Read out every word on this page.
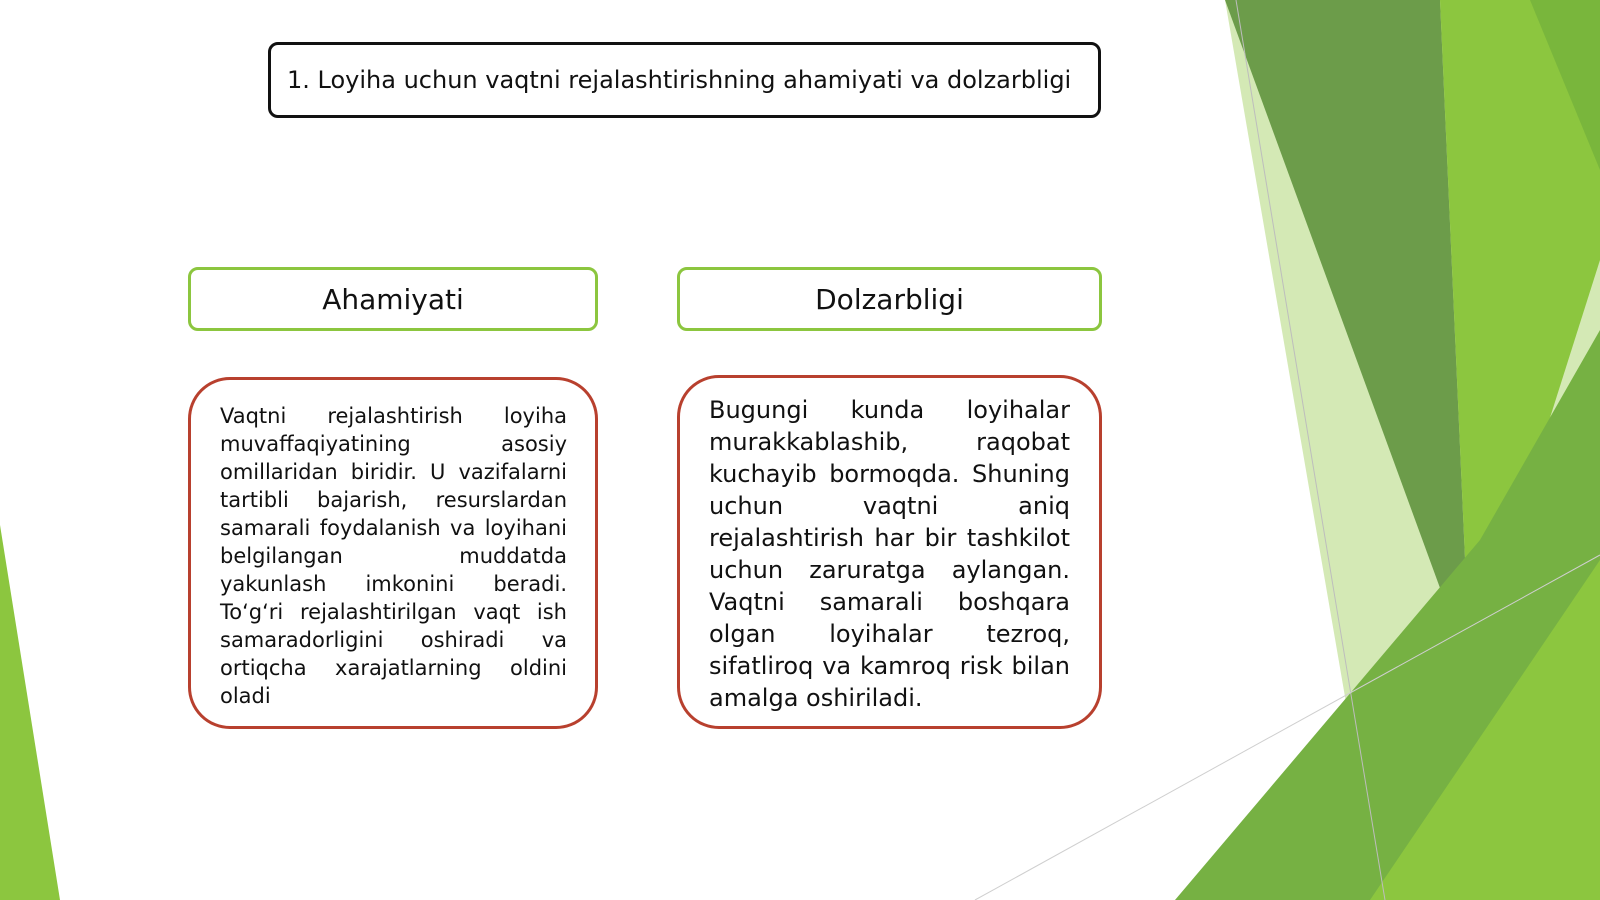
1. Loyiha uchun vaqtni rejalashtirishning ahamiyati va dolzarbligi
Ahamiyati	Dolzarbligi
Vaqtni rejalashtirish loyiha muvaffaqiyatining asosiy omillaridan biridir. U vazifalarni tartibli bajarish, resurslardan samarali foydalanish va loyihani belgilangan muddatda yakunlash imkonini beradi. To‘g‘ri rejalashtirilgan vaqt ish samaradorligini oshiradi va ortiqcha xarajatlarning oldini oladi
Bugungi kunda loyihalar murakkablashib, raqobat kuchayib bormoqda. Shuning uchun vaqtni aniq rejalashtirish har bir tashkilot uchun zaruratga aylangan. Vaqtni samarali boshqara olgan loyihalar tezroq, sifatliroq va kamroq risk bilan amalga oshiriladi.
